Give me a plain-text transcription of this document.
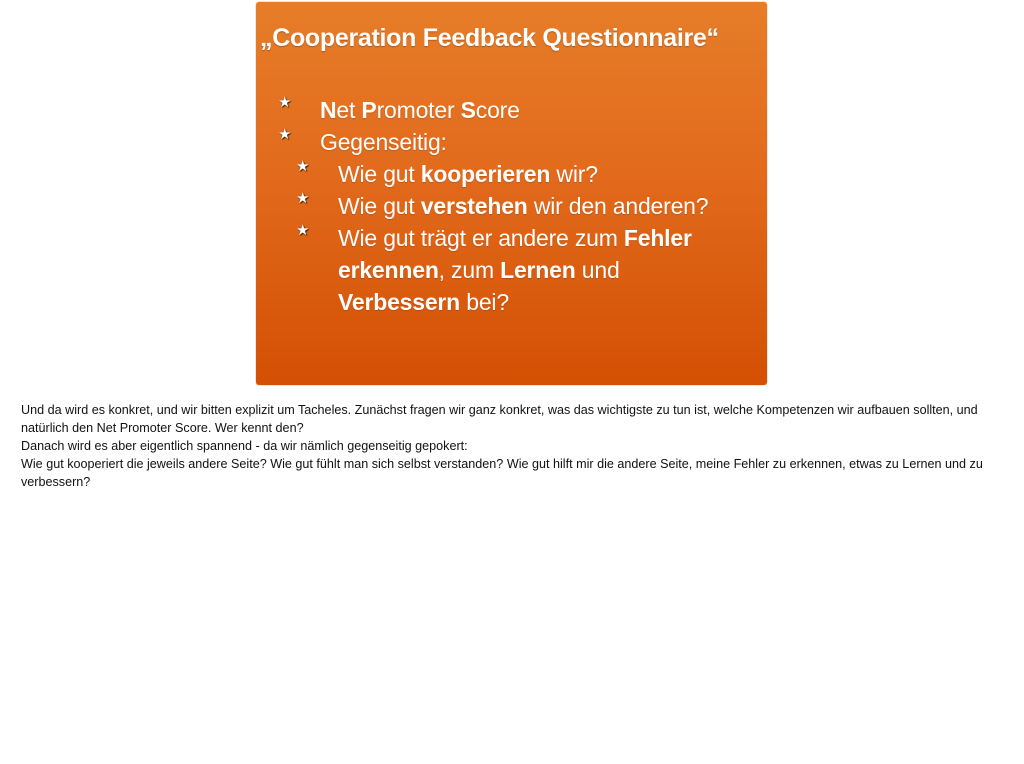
„Cooperation Feedback Questionnaire“
★ Net Promoter Score
★ Gegenseitig:
★ Wie gut kooperieren wir?
★ Wie gut verstehen wir den anderen?
★ Wie gut trägt er andere zum Fehler erkennen, zum Lernen und Verbessern bei?

Und da wird es konkret, und wir bitten explizit um Tacheles. Zunächst fragen wir ganz konkret, was das wichtigste zu tun ist, welche Kompetenzen wir aufbauen sollten, und natürlich den Net Promoter Score. Wer kennt den?

Danach wird es aber eigentlich spannend - da wir nämlich gegenseitig gepokert:

Wie gut kooperiert die jeweils andere Seite? Wie gut fühlt man sich selbst verstanden? Wie gut hilft mir die andere Seite, meine Fehler zu erkennen, etwas zu Lernen und zu verbessern?
